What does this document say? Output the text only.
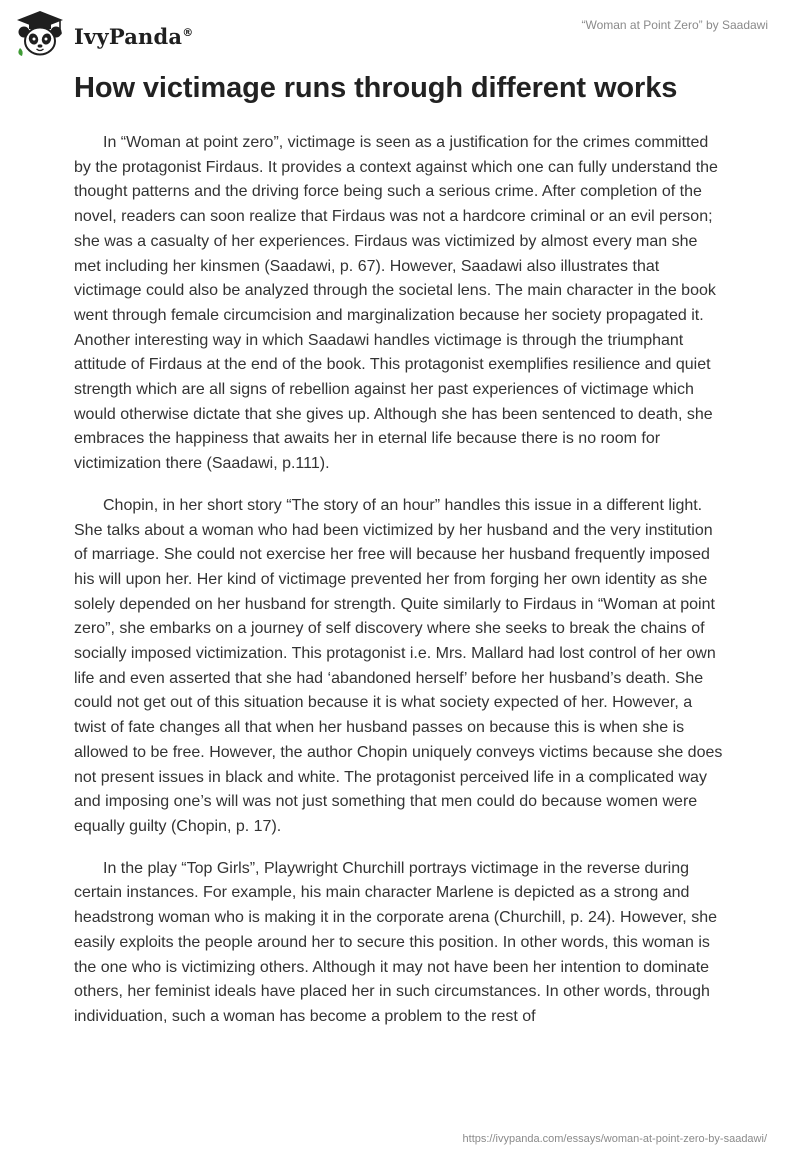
IvyPanda®	“Woman at Point Zero” by Saadawi
How victimage runs through different works

In “Woman at point zero”, victimage is seen as a justification for the crimes committed by the protagonist Firdaus. It provides a context against which one can fully understand the thought patterns and the driving force being such a serious crime. After completion of the novel, readers can soon realize that Firdaus was not a hardcore criminal or an evil person; she was a casualty of her experiences. Firdaus was victimized by almost every man she met including her kinsmen (Saadawi, p. 67). However, Saadawi also illustrates that victimage could also be analyzed through the societal lens. The main character in the book went through female circumcision and marginalization because her society propagated it. Another interesting way in which Saadawi handles victimage is through the triumphant attitude of Firdaus at the end of the book. This protagonist exemplifies resilience and quiet strength which are all signs of rebellion against her past experiences of victimage which would otherwise dictate that she gives up. Although she has been sentenced to death, she embraces the happiness that awaits her in eternal life because there is no room for victimization there (Saadawi, p.111).

Chopin, in her short story “The story of an hour” handles this issue in a different light. She talks about a woman who had been victimized by her husband and the very institution of marriage. She could not exercise her free will because her husband frequently imposed his will upon her. Her kind of victimage prevented her from forging her own identity as she solely depended on her husband for strength. Quite similarly to Firdaus in “Woman at point zero”, she embarks on a journey of self discovery where she seeks to break the chains of socially imposed victimization. This protagonist i.e. Mrs. Mallard had lost control of her own life and even asserted that she had ‘abandoned herself’ before her husband’s death. She could not get out of this situation because it is what society expected of her. However, a twist of fate changes all that when her husband passes on because this is when she is allowed to be free. However, the author Chopin uniquely conveys victims because she does not present issues in black and white. The protagonist perceived life in a complicated way and imposing one’s will was not just something that men could do because women were equally guilty (Chopin, p. 17).

In the play “Top Girls”, Playwright Churchill portrays victimage in the reverse during certain instances. For example, his main character Marlene is depicted as a strong and headstrong woman who is making it in the corporate arena (Churchill, p. 24). However, she easily exploits the people around her to secure this position. In other words, this woman is the one who is victimizing others. Although it may not have been her intention to dominate others, her feminist ideals have placed her in such circumstances. In other words, through individuation, such a woman has become a problem to the rest of

https://ivypanda.com/essays/woman-at-point-zero-by-saadawi/
